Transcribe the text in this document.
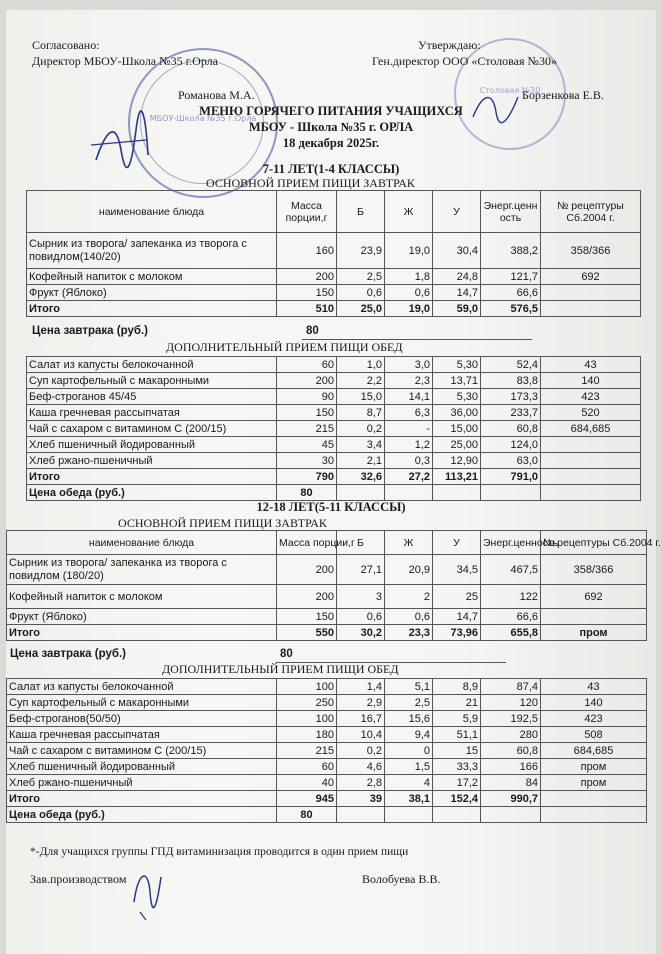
МБОУ-Школа №35 г.Орла
Столовая №30
Согласовано:
Директор МБОУ-Школа №35 г.Орла
Романова М.А.
Утверждаю:
Ген.директор ООО «Столовая №30»
Борзенкова Е.В.
МЕНЮ ГОРЯЧЕГО ПИТАНИЯ УЧАЩИХСЯ
МБОУ - Школа №35 г. ОРЛА
18 декабря 2025г.
7-11 ЛЕТ(1-4 КЛАССЫ)
ОСНОВНОЙ ПРИЕМ ПИЩИ ЗАВТРАК
наименование блюда	Масса порции,г	Б	Ж	У	Энерг.ценность	№ рецептуры Сб.2004 г.
Сырник из творога/ запеканка из творога с повидлом(140/20)	160	23,9	19,0	30,4	388,2	358/366
Кофейный напиток с молоком	200	2,5	1,8	24,8	121,7	692
Фрукт (Яблоко)	150	0,6	0,6	14,7	66,6	
Итого	510	25,0	19,0	59,0	576,5	
Цена завтрака (руб.)	80
ДОПОЛНИТЕЛЬНЫЙ ПРИЕМ ПИЩИ ОБЕД
Салат из капусты белокочанной	60	1,0	3,0	5,30	52,4	43
Суп картофельный с макаронными	200	2,2	2,3	13,71	83,8	140
Беф-строганов 45/45	90	15,0	14,1	5,30	173,3	423
Каша гречневая рассыпчатая	150	8,7	6,3	36,00	233,7	520
Чай с сахаром с витамином С (200/15)	215	0,2	-	15,00	60,8	684,685
Хлеб пшеничный йодированный	45	3,4	1,2	25,00	124,0	
Хлеб ржано-пшеничный	30	2,1	0,3	12,90	63,0	
Итого	790	32,6	27,2	113,21	791,0	
Цена обеда (руб.)	80					
12-18 ЛЕТ(5-11 КЛАССЫ)
ОСНОВНОЙ ПРИЕМ ПИЩИ ЗАВТРАК
наименование блюда	Масса порции,г	Б	Ж	У	Энерг.ценность	№ рецептуры Сб.2004 г.
Сырник из творога/ запеканка из творога с повидлом (180/20)	200	27,1	20,9	34,5	467,5	358/366
Кофейный напиток с молоком	200	3	2	25	122	692
Фрукт (Яблоко)	150	0,6	0,6	14,7	66,6	
Итого	550	30,2	23,3	73,96	655,8	пром
Цена завтрака (руб.)	80
ДОПОЛНИТЕЛЬНЫЙ ПРИЕМ ПИЩИ ОБЕД
Салат из капусты белокочанной	100	1,4	5,1	8,9	87,4	43
Суп картофельный с макаронными	250	2,9	2,5	21	120	140
Беф-строганов(50/50)	100	16,7	15,6	5,9	192,5	423
Каша гречневая рассыпчатая	180	10,4	9,4	51,1	280	508
Чай с сахаром с витамином С (200/15)	215	0,2	0	15	60,8	684,685
Хлеб пшеничный йодированный	60	4,6	1,5	33,3	166	пром
Хлеб ржано-пшеничный	40	2,8	4	17,2	84	пром
Итого	945	39	38,1	152,4	990,7	
Цена обеда (руб.)	80					
*-Для учащихся группы ГПД витаминизация проводится в один прием пищи
Зав.производством	Волобуева В.В.
